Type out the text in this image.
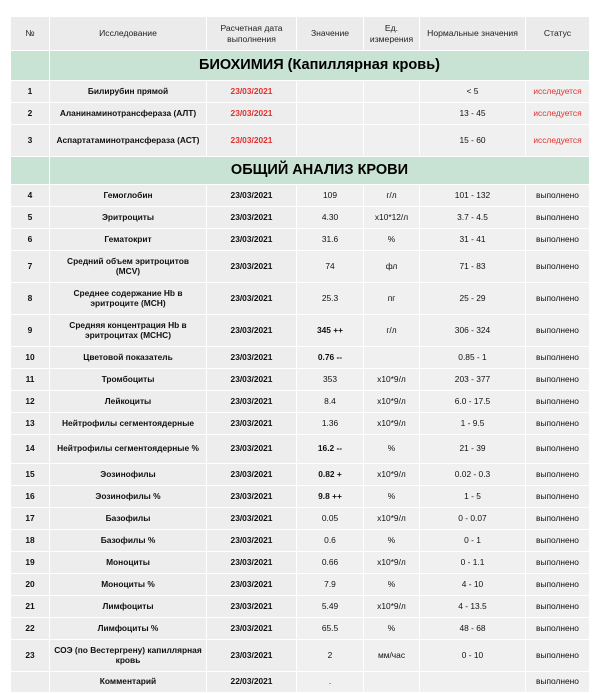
№	Исследование	Расчетная дата выполнения	Значение	Ед. измерения	Нормальные значения	Статус
	БИОХИМИЯ (Капиллярная кровь)					
1	Билирубин прямой	23/03/2021			< 5	исследуется
2	Аланинаминотрансфераза (АЛТ)	23/03/2021			13 - 45	исследуется
3	Аспартатаминотрансфераза (АСТ)	23/03/2021			15 - 60	исследуется
	ОБЩИЙ АНАЛИЗ КРОВИ					
4	Гемоглобин	23/03/2021	109	г/л	101 - 132	выполнено
5	Эритроциты	23/03/2021	4.30	x10*12/л	3.7 - 4.5	выполнено
6	Гематокрит	23/03/2021	31.6	%	31 - 41	выполнено
7	Средний объем эритроцитов (MCV)	23/03/2021	74	фл	71 - 83	выполнено
8	Среднее содержание Hb в эритроците (MCH)	23/03/2021	25.3	пг	25 - 29	выполнено
9	Средняя концентрация Hb в эритроцитах (MCHC)	23/03/2021	345 ++	г/л	306 - 324	выполнено
10	Цветовой показатель	23/03/2021	0.76 --		0.85 - 1	выполнено
11	Тромбоциты	23/03/2021	353	x10*9/л	203 - 377	выполнено
12	Лейкоциты	23/03/2021	8.4	x10*9/л	6.0 - 17.5	выполнено
13	Нейтрофилы сегментоядерные	23/03/2021	1.36	x10*9/л	1 - 9.5	выполнено
14	Нейтрофилы сегментоядерные %	23/03/2021	16.2 --	%	21 - 39	выполнено
15	Эозинофилы	23/03/2021	0.82 +	x10*9/л	0.02 - 0.3	выполнено
16	Эозинофилы %	23/03/2021	9.8 ++	%	1 - 5	выполнено
17	Базофилы	23/03/2021	0.05	x10*9/л	0 - 0.07	выполнено
18	Базофилы %	23/03/2021	0.6	%	0 - 1	выполнено
19	Моноциты	23/03/2021	0.66	x10*9/л	0 - 1.1	выполнено
20	Моноциты %	23/03/2021	7.9	%	4 - 10	выполнено
21	Лимфоциты	23/03/2021	5.49	x10*9/л	4 - 13.5	выполнено
22	Лимфоциты %	23/03/2021	65.5	%	48 - 68	выполнено
23	СОЭ (по Вестергрену) капиллярная кровь	23/03/2021	2	мм/час	0 - 10	выполнено
	Комментарий	22/03/2021	.			выполнено
